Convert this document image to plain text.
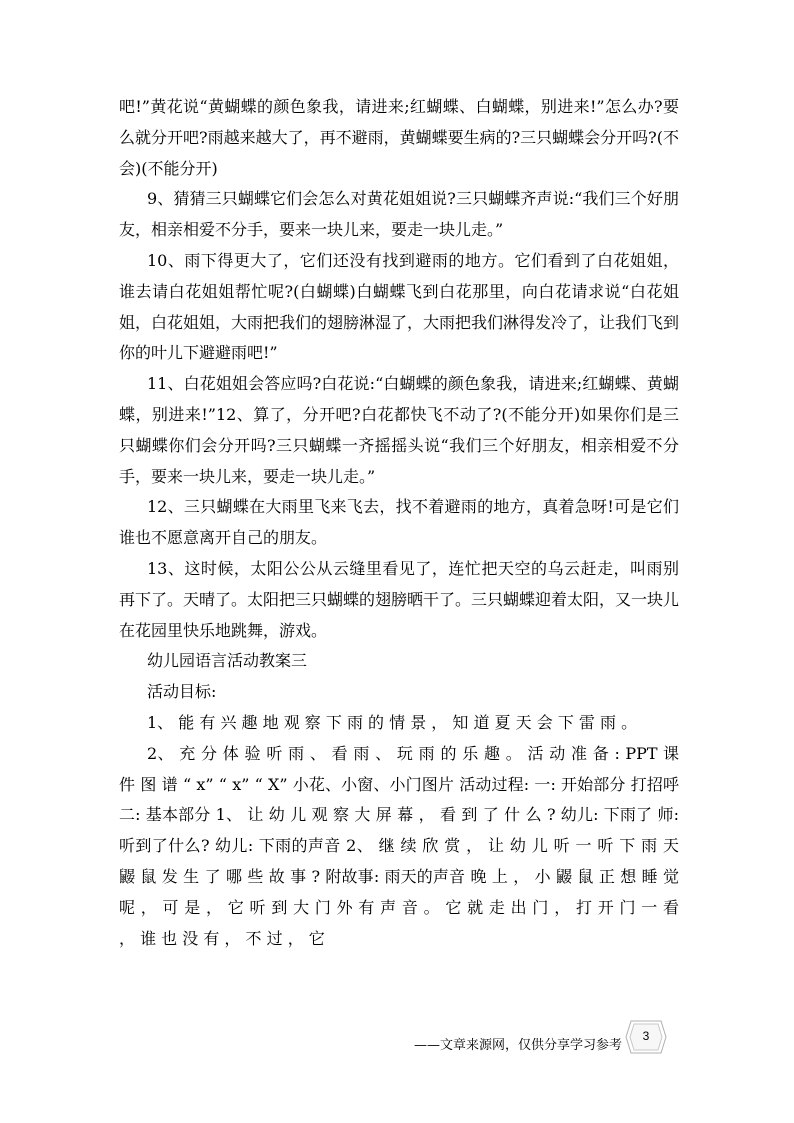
吧!”黄花说“黄蝴蝶的颜色象我，请进来;红蝴蝶、白蝴蝶，别进来!”怎么办?要么就分开吧?雨越来越大了，再不避雨，黄蝴蝶要生病的?三只蝴蝶会分开吗?(不会)(不能分开)

9、猜猜三只蝴蝶它们会怎么对黄花姐姐说?三只蝴蝶齐声说:“我们三个好朋友，相亲相爱不分手，要来一块儿来，要走一块儿走。”

10、雨下得更大了，它们还没有找到避雨的地方。它们看到了白花姐姐，谁去请白花姐姐帮忙呢?(白蝴蝶)白蝴蝶飞到白花那里，向白花请求说“白花姐姐，白花姐姐，大雨把我们的翅膀淋湿了，大雨把我们淋得发冷了，让我们飞到你的叶儿下避避雨吧!”

11、白花姐姐会答应吗?白花说:“白蝴蝶的颜色象我，请进来;红蝴蝶、黄蝴蝶，别进来!”12、算了，分开吧?白花都快飞不动了?(不能分开)如果你们是三只蝴蝶你们会分开吗?三只蝴蝶一齐摇摇头说“我们三个好朋友，相亲相爱不分手，要来一块儿来，要走一块儿走。”

12、三只蝴蝶在大雨里飞来飞去，找不着避雨的地方，真着急呀!可是它们谁也不愿意离开自己的朋友。

13、这时候，太阳公公从云缝里看见了，连忙把天空的乌云赶走，叫雨别再下了。天晴了。太阳把三只蝴蝶的翅膀晒干了。三只蝴蝶迎着太阳，又一块儿在花园里快乐地跳舞，游戏。

幼儿园语言活动教案三

活动目标:

1、 能 有 兴 趣 地 观 察 下 雨 的 情 景 ， 知 道 夏 天 会 下 雷 雨 。

2、 充 分 体 验 听 雨 、 看 雨 、 玩 雨 的 乐 趣 。 活 动 准 备 : PPT 课 件 图 谱 “ x” “ x” “ X” 小花、小窗、小门图片 活动过程: 一: 开始部分 打招呼 二: 基本部分 1、 让 幼 儿 观 察 大 屏 幕 ， 看 到 了 什 么 ? 幼儿: 下雨了 师: 听到了什么? 幼儿: 下雨的声音 2、 继 续 欣 赏 ， 让 幼 儿 听 一 听 下 雨 天 鼹 鼠 发 生 了 哪 些 故 事 ? 附故事: 雨天的声音 晚 上 ， 小 鼹 鼠 正 想 睡 觉 呢 ， 可 是 ， 它 听 到 大 门 外 有 声 音 。 它 就 走 出 门 ， 打 开 门 一 看 ， 谁 也 没 有 ， 不 过 ， 它

——文章来源网，仅供分享学习参考
3
